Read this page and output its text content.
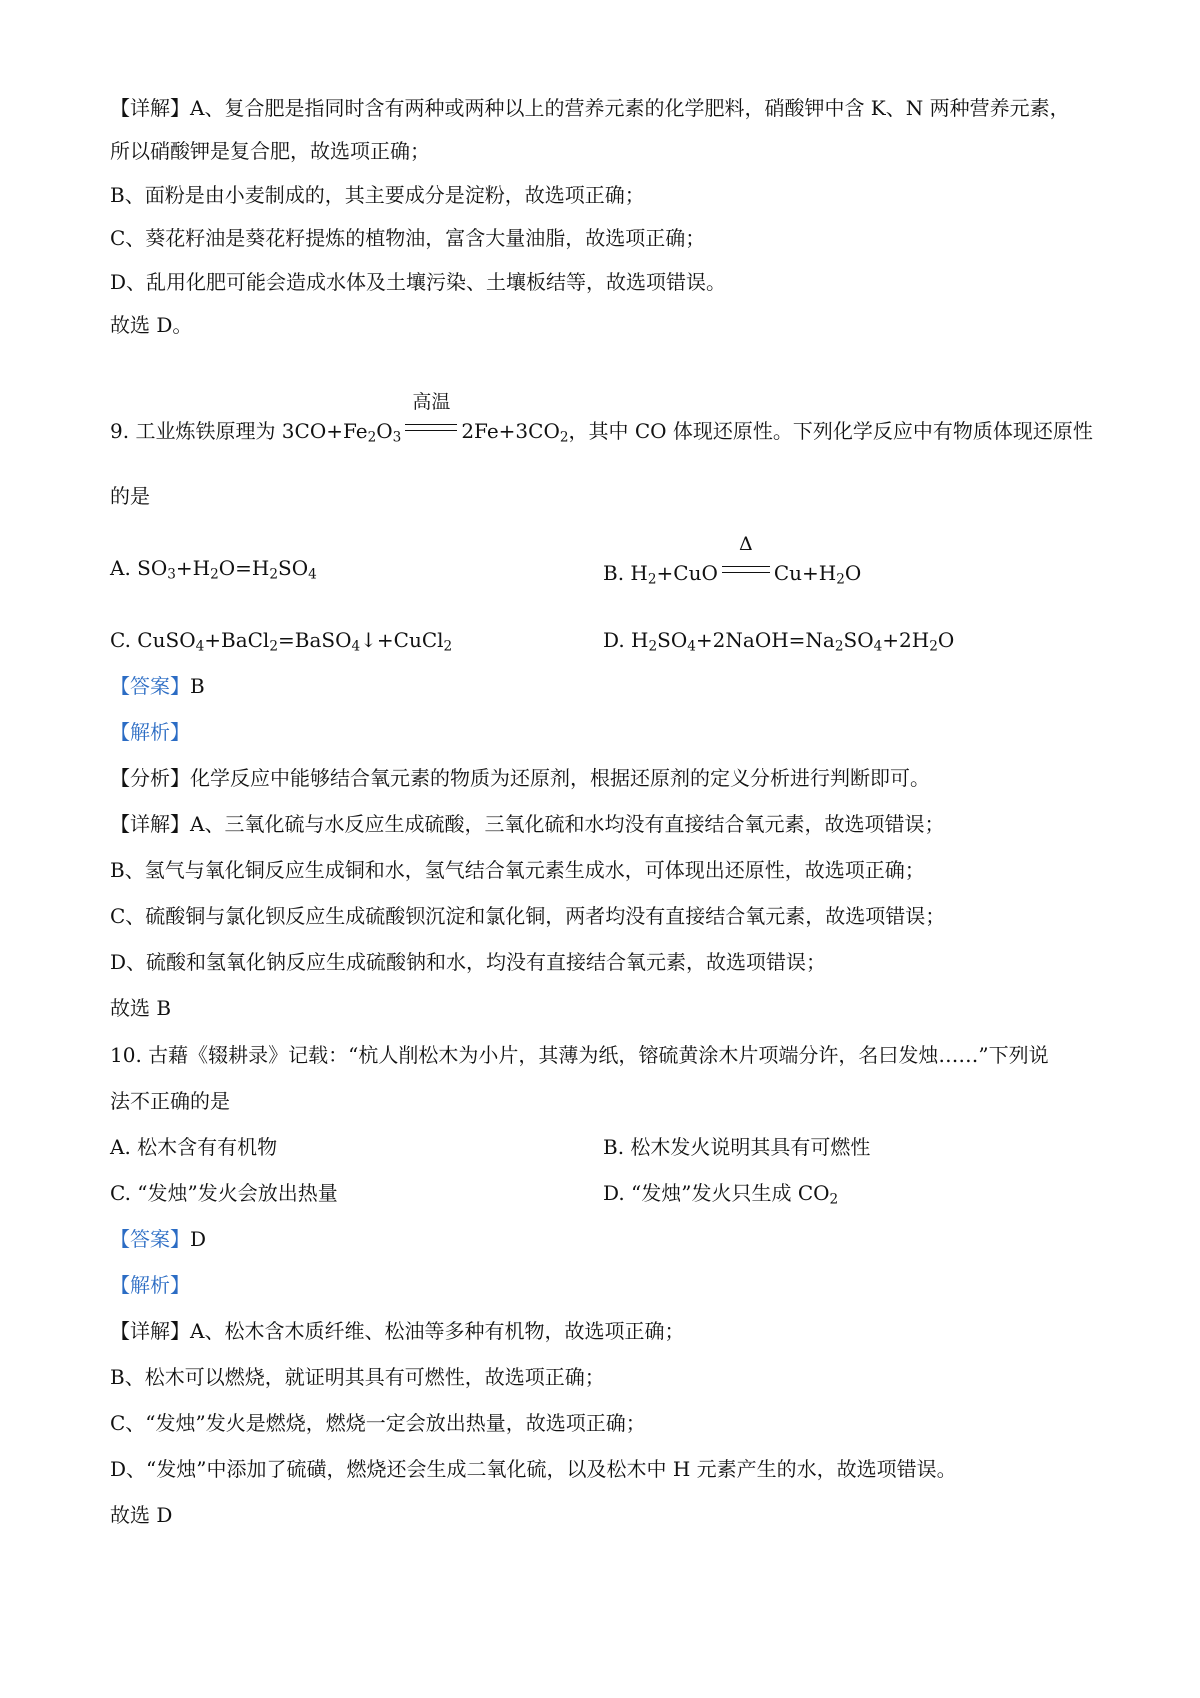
【详解】A、复合肥是指同时含有两种或两种以上的营养元素的化学肥料，硝酸钾中含 K、N 两种营养元素，
所以硝酸钾是复合肥，故选项正确；
B、面粉是由小麦制成的，其主要成分是淀粉，故选项正确；
C、葵花籽油是葵花籽提炼的植物油，富含大量油脂，故选项正确；
D、乱用化肥可能会造成水体及土壤污染、土壤板结等，故选项错误。
故选 D。
9. 工业炼铁原理为 $3CO+Fe_2O_3$
高温
$2Fe+3CO_2$，其中 CO 体现还原性。下列化学反应中有物质体现还原性
的是
A. $SO_3+H_2O=H_2SO_4$	B. $H_2+CuO$
Δ
$Cu+H_2O$
C. CuSO$_4$+BaCl$_2$=BaSO$_4$↓+CuCl$_2$	D. $H_2SO_4+2NaOH=Na_2SO_4+2H_2O$
【答案】B
【解析】
【分析】化学反应中能够结合氧元素的物质为还原剂，根据还原剂的定义分析进行判断即可。
【详解】A、三氧化硫与水反应生成硫酸，三氧化硫和水均没有直接结合氧元素，故选项错误；
B、氢气与氧化铜反应生成铜和水，氢气结合氧元素生成水，可体现出还原性，故选项正确；
C、硫酸铜与氯化钡反应生成硫酸钡沉淀和氯化铜，两者均没有直接结合氧元素，故选项错误；
D、硫酸和氢氧化钠反应生成硫酸钠和水，均没有直接结合氧元素，故选项错误；
故选 B
10. 古藉《辍耕录》记载：“杭人削松木为小片，其薄为纸，镕硫黄涂木片项端分许，名曰发烛……”下列说
法不正确的是
A. 松木含有有机物	B. 松木发火说明其具有可燃性
C. “发烛”发火会放出热量	D. “发烛”发火只生成 $CO_2$
【答案】D
【解析】
【详解】A、松木含木质纤维、松油等多种有机物，故选项正确；
B、松木可以燃烧，就证明其具有可燃性，故选项正确；
C、“发烛”发火是燃烧，燃烧一定会放出热量，故选项正确；
D、“发烛”中添加了硫磺，燃烧还会生成二氧化硫，以及松木中 H 元素产生的水，故选项错误。
故选 D
